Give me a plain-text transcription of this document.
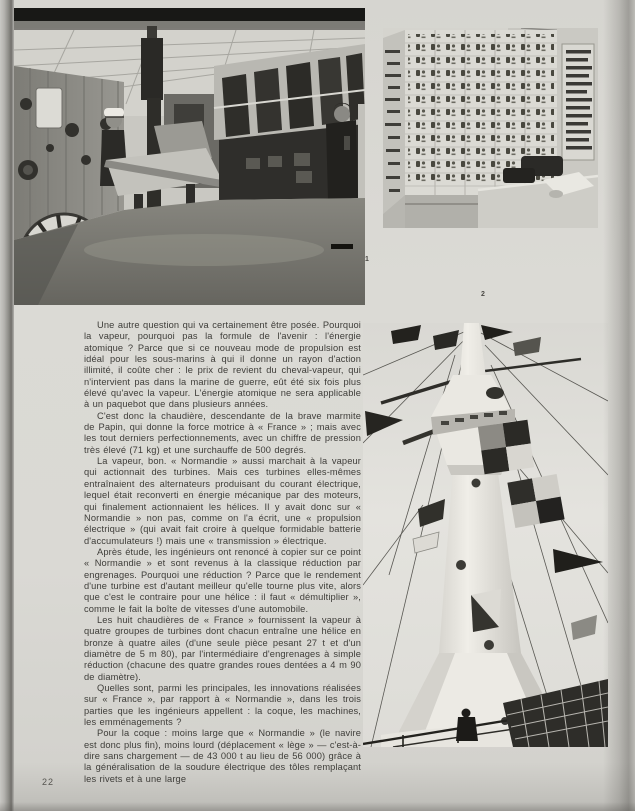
1
2

Une autre question qui va certainement être posée. Pourquoi la vapeur, pourquoi pas la formule de l'avenir : l'énergie atomique ? Parce que si ce nouveau mode de propulsion est idéal pour les sous-marins à qui il donne un rayon d'action illimité, il coûte cher : le prix de revient du cheval-vapeur, qui n'intervient pas dans la marine de guerre, eût été six fois plus élevé qu'avec la vapeur. L'énergie atomique ne sera applicable à un paquebot que dans plusieurs années.

C'est donc la chaudière, descendante de la brave marmite de Papin, qui donne la force motrice à « France » ; mais avec les tout derniers perfectionnements, avec un chiffre de pression très élevé (71 kg) et une surchauffe de 500 degrés.

La vapeur, bon. « Normandie » aussi marchait à la vapeur qui actionnait des turbines. Mais ces turbines elles-mêmes entraînaient des alternateurs produisant du courant électrique, lequel était reconverti en énergie mécanique par des moteurs, qui finalement actionnaient les hélices. Il y avait donc sur « Normandie » non pas, comme on l'a écrit, une « propulsion électrique » (qui avait fait croire à quelque formidable batterie d'accumulateurs !) mais une « transmission » électrique.

Après étude, les ingénieurs ont renoncé à copier sur ce point « Normandie » et sont revenus à la classique réduction par engrenages. Pourquoi une réduction ? Parce que le rendement d'une turbine est d'autant meilleur qu'elle tourne plus vite, alors que c'est le contraire pour une hélice : il faut « démultiplier », comme le fait la boîte de vitesses d'une automobile.

Les huit chaudières de « France » fournissent la vapeur à quatre groupes de turbines dont chacun entraîne une hélice en bronze à quatre ailes (d'une seule pièce pesant 27 t et d'un diamètre de 5 m 80), par l'intermédiaire d'engrenages à simple réduction (chacune des quatre grandes roues dentées a 4 m 90 de diamètre).

Quelles sont, parmi les principales, les innovations réalisées sur « France », par rapport à « Normandie », dans les trois parties que les ingénieurs appellent : la coque, les machines, les emménagements ?

Pour la coque : moins large que « Normandie » (le navire est donc plus fin), moins lourd (déplacement « lège » — c'est-à-dire sans chargement — de 43 000 t au lieu de 56 000) grâce à la généralisation de la soudure électrique des tôles remplaçant les rivets et à une large

22
